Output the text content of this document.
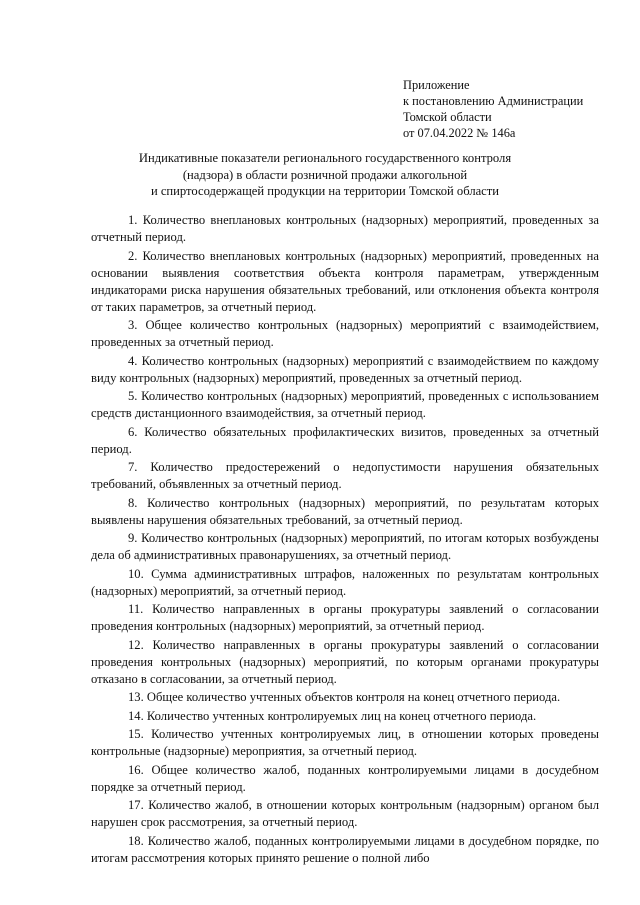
Приложение
к постановлению Администрации
Томской области
от 07.04.2022 № 146а
Индикативные показатели регионального государственного контроля
(надзора) в области розничной продажи алкогольной
и спиртосодержащей продукции на территории Томской области

1. Количество внеплановых контрольных (надзорных) мероприятий, проведенных за отчетный период.

2. Количество внеплановых контрольных (надзорных) мероприятий, проведенных на основании выявления соответствия объекта контроля параметрам, утвержденным индикаторами риска нарушения обязательных требований, или отклонения объекта контроля от таких параметров, за отчетный период.

3. Общее количество контрольных (надзорных) мероприятий с взаимодействием, проведенных за отчетный период.

4. Количество контрольных (надзорных) мероприятий с взаимодействием по каждому виду контрольных (надзорных) мероприятий, проведенных за отчетный период.

5. Количество контрольных (надзорных) мероприятий, проведенных с использованием средств дистанционного взаимодействия, за отчетный период.

6. Количество обязательных профилактических визитов, проведенных за отчетный период.

7. Количество предостережений о недопустимости нарушения обязательных требований, объявленных за отчетный период.

8. Количество контрольных (надзорных) мероприятий, по результатам которых выявлены нарушения обязательных требований, за отчетный период.

9. Количество контрольных (надзорных) мероприятий, по итогам которых возбуждены дела об административных правонарушениях, за отчетный период.

10. Сумма административных штрафов, наложенных по результатам контрольных (надзорных) мероприятий, за отчетный период.

11. Количество направленных в органы прокуратуры заявлений о согласовании проведения контрольных (надзорных) мероприятий, за отчетный период.

12. Количество направленных в органы прокуратуры заявлений о согласовании проведения контрольных (надзорных) мероприятий, по которым органами прокуратуры отказано в согласовании, за отчетный период.

13. Общее количество учтенных объектов контроля на конец отчетного периода.

14. Количество учтенных контролируемых лиц на конец отчетного периода.

15. Количество учтенных контролируемых лиц, в отношении которых проведены контрольные (надзорные) мероприятия, за отчетный период.

16. Общее количество жалоб, поданных контролируемыми лицами в досудебном порядке за отчетный период.

17. Количество жалоб, в отношении которых контрольным (надзорным) органом был нарушен срок рассмотрения, за отчетный период.

18. Количество жалоб, поданных контролируемыми лицами в досудебном порядке, по итогам рассмотрения которых принято решение о полной либо
